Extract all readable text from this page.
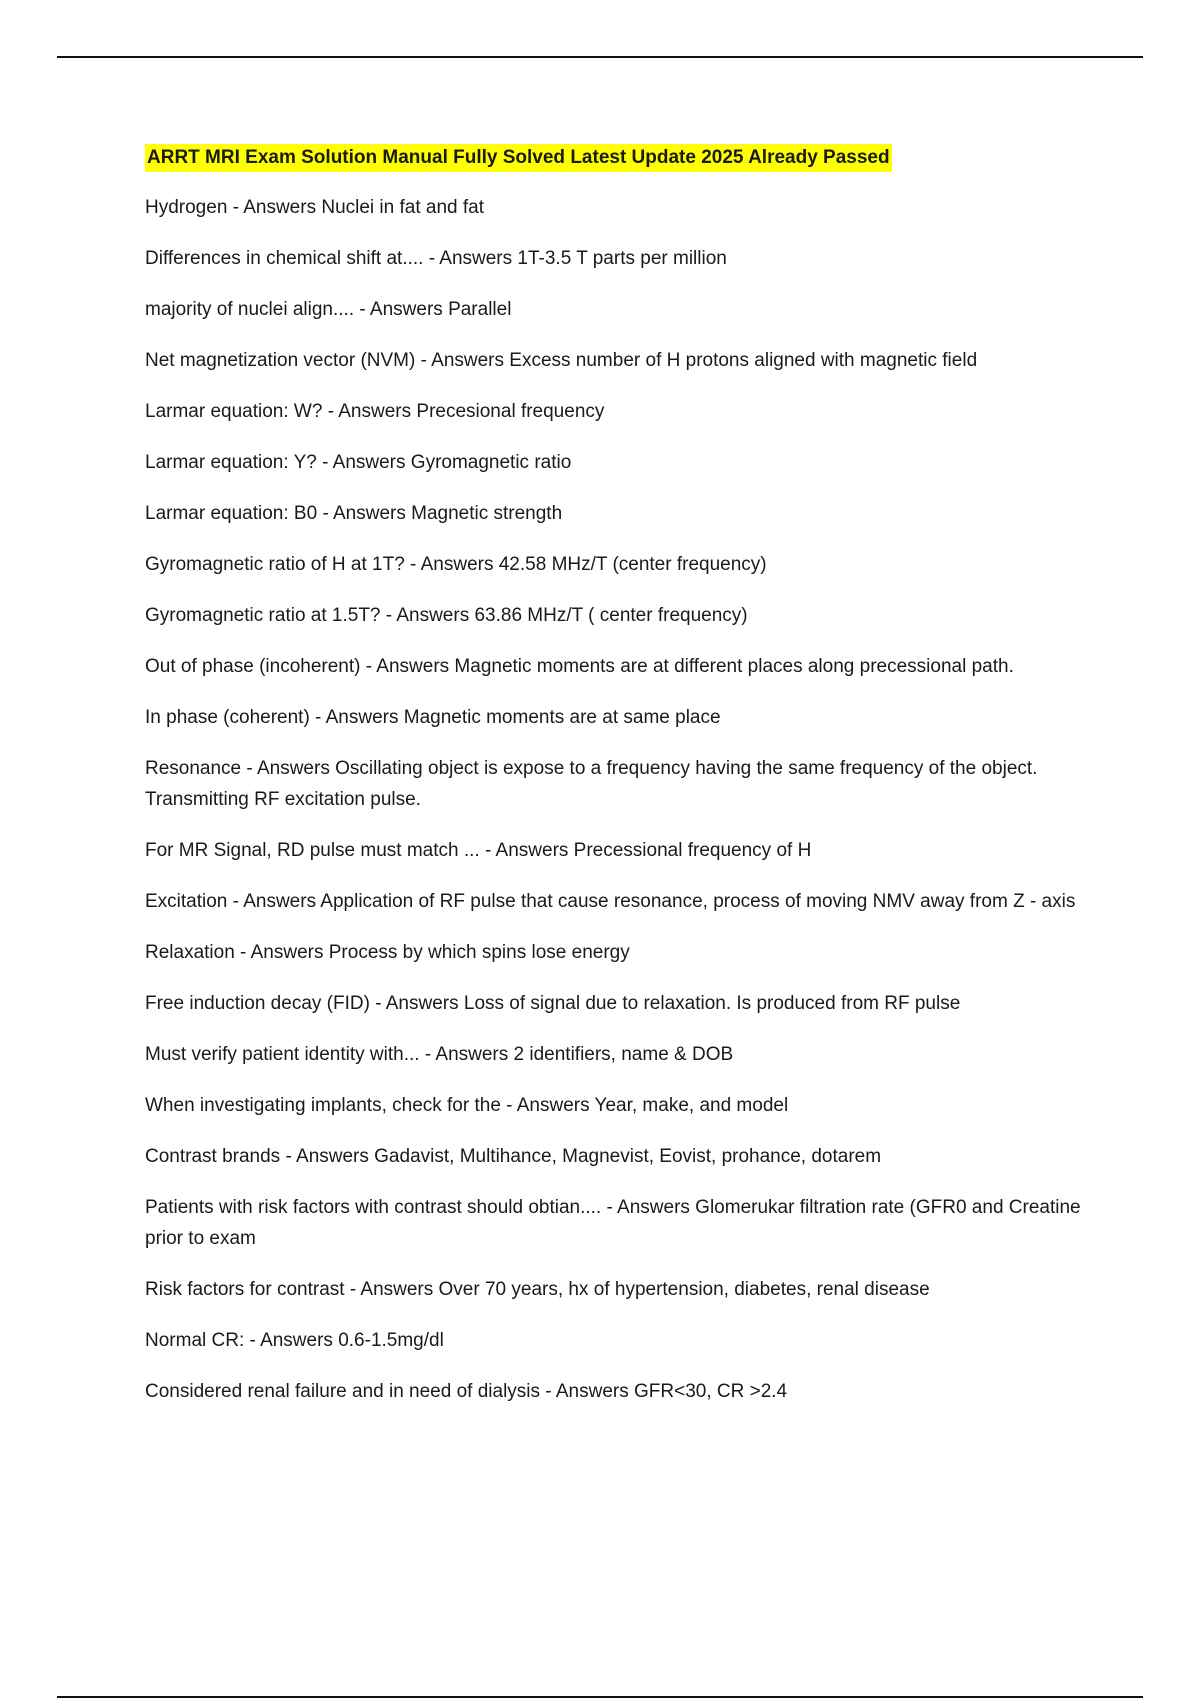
ARRT MRI Exam Solution Manual Fully Solved Latest Update 2025 Already Passed
Hydrogen - Answers Nuclei in fat and fat
Differences in chemical shift at.... - Answers 1T-3.5 T parts per million
majority of nuclei align.... - Answers Parallel
Net magnetization vector (NVM) - Answers Excess number of H protons aligned with magnetic field
Larmar equation: W? - Answers Precesional frequency
Larmar equation: Y? - Answers Gyromagnetic ratio
Larmar equation: B0 - Answers Magnetic strength
Gyromagnetic ratio of H at 1T? - Answers 42.58 MHz/T (center frequency)
Gyromagnetic ratio at 1.5T? - Answers 63.86 MHz/T ( center frequency)
Out of phase (incoherent) - Answers Magnetic moments are at different places along precessional path.
In phase (coherent) - Answers Magnetic moments are at same place
Resonance - Answers Oscillating object is expose to a frequency having the same frequency of the object. Transmitting RF excitation pulse.
For MR Signal, RD pulse must match ... - Answers Precessional frequency of H
Excitation - Answers Application of RF pulse that cause resonance, process of moving NMV away from Z - axis
Relaxation - Answers Process by which spins lose energy
Free induction decay (FID) - Answers Loss of signal due to relaxation. Is produced from RF pulse
Must verify patient identity with... - Answers 2 identifiers, name & DOB
When investigating implants, check for the - Answers Year, make, and model
Contrast brands - Answers Gadavist, Multihance, Magnevist, Eovist, prohance, dotarem
Patients with risk factors with contrast should obtian.... - Answers Glomerukar filtration rate (GFR0 and Creatine prior to exam
Risk factors for contrast - Answers Over 70 years, hx of hypertension, diabetes, renal disease
Normal CR: - Answers 0.6-1.5mg/dl
Considered renal failure and in need of dialysis - Answers GFR<30, CR >2.4
